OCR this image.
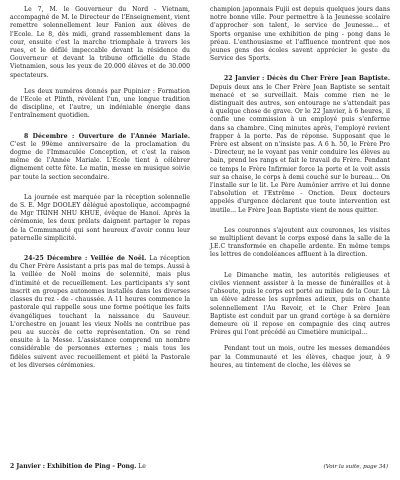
Le 7, M. le Gouverneur du Nord - Vietnam, accompagné de M. le Directeur de l'Enseignement, vient remettre solennellement leur Fanion aux élèves de l'Ecole. Le 8, dès midi, grand rassemblement dans la cour, ensuite c'est la marche triomphale à travers les rues, et le défilé impeccable devant la résidence du Gouverneur et devant la tribune officielle du Stade Vietnamien, sous les yeux de 20.000 élèves et de 30.000 spectateurs.

Les deux numéros donnés par Pupinier : Formation de l'Ecole et Plinth, révèlent l'un, une longue tradition de discipline, et l'autre, un indéniable énergie dans l'entraînement quotidien.

8 Décembre : Ouverture de l'Année Mariale. C'est le 99ème anniversaire de la proclamation du dogme de l'Immaculée Conception, et c'est la raison même de l'Année Mariale. L'Ecole tient à célébrer dignement cette fête. Le matin, messe en musique soivie par toute la section secondaire.

La journée est marquée par la réception solennelle de S. E. Mgr DOOLEY délégué apostolique, accompagné de Mgr TRINH NHU KHUE, évêque de Hanoi. Après la cérémonie, les deux prélats daignent partager le repas de la Communauté qui sont heureux d'avoir connu leur paternelle simplicité.

24-25 Décembre : Veillée de Noël. La réception du Cher Frère Assistant a pris pas mal de temps. Aussi à la veillée de Noël moins de solennité, mais plus d'intimité et de recueillement. Les participants s'y sont inscrit en groupes autonomes installés dans les diverses classes du rez - de - chaussée. A 11 heures commence la pastorale qui rappelle sous une forme poétique les faits évangéliques touchant la naissance du Sauveur. L'orchestre en jouant les vieux Noëls ne contribue pas peu au succès de cette représentation. On se rend ensuite à la Messe. L'assistance comprend un nombre considérable de personnes externes ; mais tous les fidèles suivent avec recueillement et piété la Pastorale et les diverses cérémonies.

2 Janvier : Exhibition de Ping - Pong. Le

champion japonnais Fujii est depuis quelques jours dans notre bonne ville. Pour permettre à la Jeunesse scolaire d'approcher son talent, le service de Jeunesse... et Sports organise une exhibition de ping - pong dans le préau. L'enthousiasme et l'affluence montrent que nos jeunes gens des écoles savent apprécier le geste du Service des Sports.

22 Janvier : Décès du Cher Frère Jean Baptiste. Depuis deux ans le Cher Frère Jean Baptiste se sentait menacé et se surveillait. Mais comme rien ne le distinguait des autres, son entourage ne s'attendait pas à quelque chose de grave. Or le 22 Janvier, à 6 heures, il confie une commission à un employé puis s'enferme dans sa chambre. Cinq minutes après, l'employé revient frapper à la porte. Pas de réponse. Supposant que le Frère est absent on n'insiste pas. A 6 h. 50, le Frère Pro - Directeur, ne le voyant pas venir conduire les élèves au bain, prend les rangs et fait le travail du Frère. Pendant ce temps le Frère Infirmier force la porte et le voit assis sur sa chaise, le corps à demi couché sur le bureau... On l'installe sur le lit. Le Père Aumônier arrive et lui donne l'absolution et l'Extrême - Onction. Deux docteurs appelés d'urgence déclarent que toute intervention est inutile... Le Frère Jean Baptiste vient de nous quitter.

Les couronnes s'ajoutent aux couronnes, les visites se multiplient devant le corps exposé dans la salle de la J.E.C transformée en chapelle ardente. En même temps les lettres de condoléances affluent à la direction.

Le Dimanche matin, les autorités religieuses et civiles viennent assister à la messe de funérailles et à l'absoute, puis le corps est porté au milieu de la Cour. Là un élève adresse les suprêmes adieux, puis on chante solennellement l'Au Revoir, et le Cher Frère Jean Baptiste est conduit par un grand cortège à sa dernière demeure où il repose en compagnie des cinq autres Frères qui l'ont précédé au Cimetière municipal...

Pendant tout un mois, outre les messes demandées par la Communauté et les élèves, chaque jour, à 9 heures, au tintement de cloche, les élèves se

(Voir la suite, page 34)
